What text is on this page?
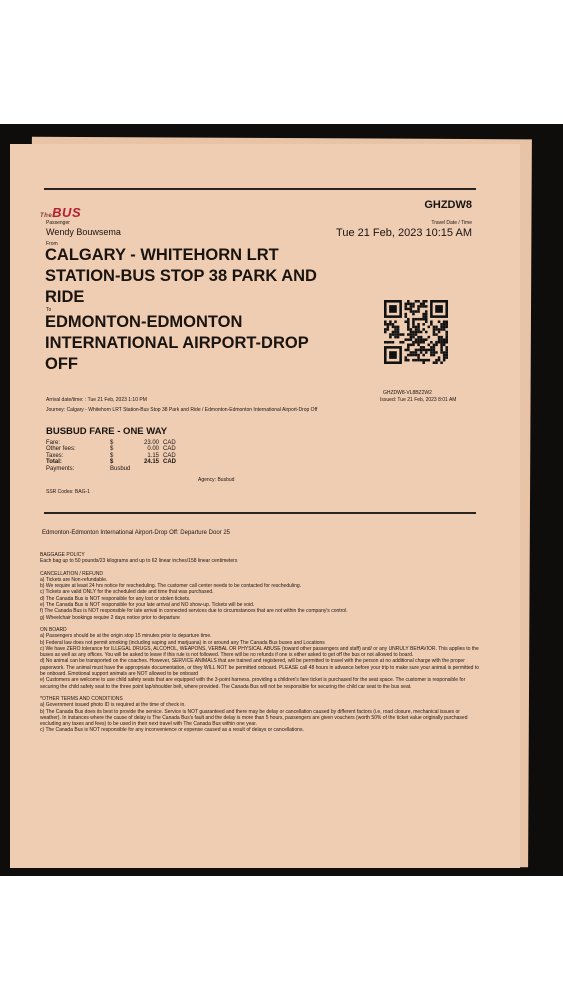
TheBUS	GHZDW8
Passenger
Wendy Bouwsema
Travel Date / Time
Tue 21 Feb, 2023 10:15 AM
From
CALGARY - WHITEHORN LRT
STATION-BUS STOP 38 PARK AND
RIDE
To
EDMONTON-EDMONTON
INTERNATIONAL AIRPORT-DROP
OFF
GHZDW8-VL8BZ2W2
Issued: Tue 21 Feb, 2023 8:01 AM
Arrival date/time: : Tue 21 Feb, 2023 1:10 PM
Journey: Calgary - Whitehorn LRT Station-Bus Stop 38 Park and Ride / Edmonton-Edmonton International Airport-Drop Off
BUSBUD FARE - ONE WAY
Fare:	$	23.00	CAD
Other fees:	$	0.00	CAD
Taxes:	$	1.15	CAD
Total:	$	24.15	CAD
Payments:	Busbud		
Agency: Busbud
SSR Codes: BAG-1
Edmonton-Edmonton International Airport-Drop Off: Departure Door 25

BAGGAGE POLICY

Each bag up to 50 pounds/23 kilograms and up to 62 linear inches/158 linear centimeters

CANCELLATION / REFUND

a) Tickets are Non-refundable.

b) We require at least 24 hrs notice for rescheduling. The customer call center needs to be contacted for rescheduling.

c) Tickets are valid ONLY for the scheduled date and time that was purchased.

d) The Canada Bus is NOT responsible for any lost or stolen tickets.

e) The Canada Bus is NOT responsible for your late arrival and NO show-up. Tickets will be void.

f) The Canada Bus is NOT responsible for late arrival in connected services due to circumstances that are not within the company's control.

g) Wheelchair bookings require 2 days notice prior to departure

ON BOARD

a) Passengers should be at the origin stop 15 minutes prior to departure time.

b) Federal law does not permit smoking (including vaping and marijuana) in or around any The Canada Bus buses and Locations

c) We have ZERO tolerance for ILLEGAL DRUGS, ALCOHOL, WEAPONS, VERBAL OR PHYSICAL ABUSE (toward other passengers and staff) and/ or any UNRULY BEHAVIOR. This applies to the buses as well as any offices. You will be asked to leave if this rule is not followed. There will be no refunds if one is either asked to get off the bus or not allowed to board.

d) No animal can be transported on the coaches. However, SERVICE ANIMALS that are trained and registered, will be permitted to travel with the person at no additional charge with the proper paperwork. The animal must have the appropriate documentation, or they WILL NOT be permitted onboard. PLEASE call 48 hours in advance before your trip to make sure your animal is permitted to be onboard. Emotional support animals are NOT allowed to be onboard

e) Customers are welcome to use child safety seats that are equipped with the 3-point harness, providing a children's fare ticket is purchased for the seat space. The customer is responsible for securing the child safety seat to the three point lap/shoulder belt, where provided. The Canada Bus will not be responsible for securing the child car seat to the bus seat.

*OTHER TERMS AND CONDITIONS

a) Government issued photo ID is required at the time of check in.

b) The Canada Bus does its best to provide the service. Service is NOT guaranteed and there may be delay or cancellation caused by different factors (i.e, road closure, mechanical issues or weather). In instances where the cause of delay is The Canada Bus's fault and the delay is more than 5 hours, passengers are given vouchers (worth 50% of the ticket value originally purchased excluding any taxes and fees) to be used in their next travel with The Canada Bus within one year.

c) The Canada Bus is NOT responsible for any inconvenience or expense caused as a result of delays or cancellations.
